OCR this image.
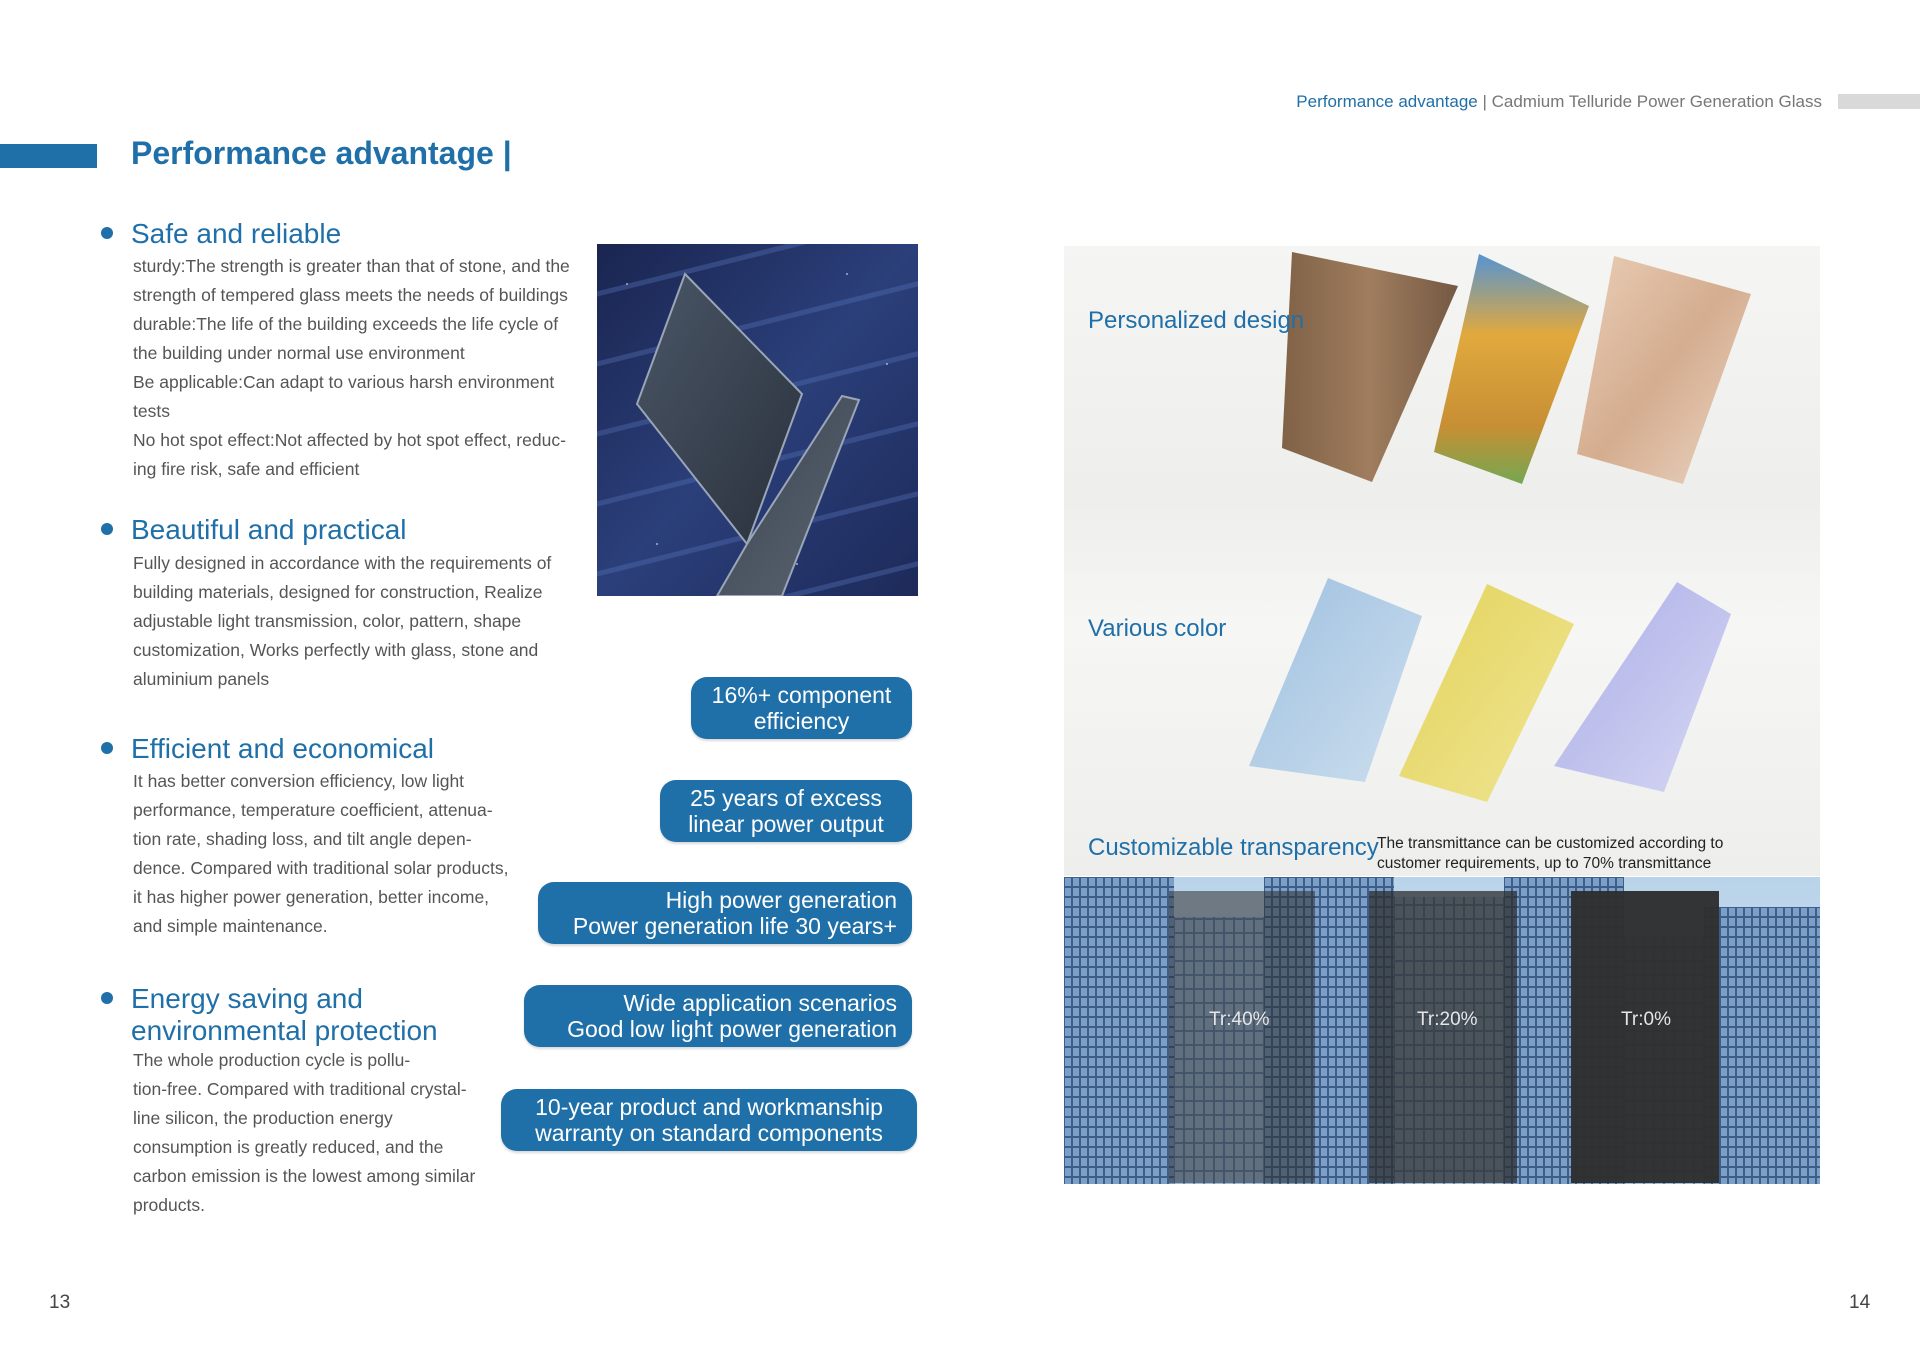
Performance advantage | Cadmium Telluride Power Generation Glass
Performance advantage |
Safe and reliable

sturdy:The strength is greater than that of stone, and the

strength of tempered glass meets the needs of buildings

durable:The life of the building exceeds the life cycle of

the building under normal use environment

Be applicable:Can adapt to various harsh environment

tests

No hot spot effect:Not affected by hot spot effect, reduc-

ing fire risk, safe and efficient

Beautiful and practical

Fully designed in accordance with the requirements of

building materials, designed for construction, Realize

adjustable light transmission, color, pattern, shape

customization, Works perfectly with glass, stone and

aluminium panels

Efficient and economical

It has better conversion efficiency, low light

performance, temperature coefficient, attenua-

tion rate, shading loss, and tilt angle depen-

dence. Compared with traditional solar products,

it has higher power generation, better income,

and simple maintenance.

Energy saving and
environmental protection

The whole production cycle is pollu-

tion-free. Compared with traditional crystal-

line silicon, the production energy

consumption is greatly reduced, and the

carbon emission is the lowest among similar

products.

16%+ component
efficiency
25 years of excess
linear power output
High power generation
Power generation life 30 years+
Wide application scenarios
Good low light power generation
10-year product and workmanship
warranty on standard components
Personalized design
Various color
Customizable transparency
The transmittance can be customized according to
customer requirements, up to 70% transmittance
Tr:40%	Tr:20%	Tr:0%
13	14
